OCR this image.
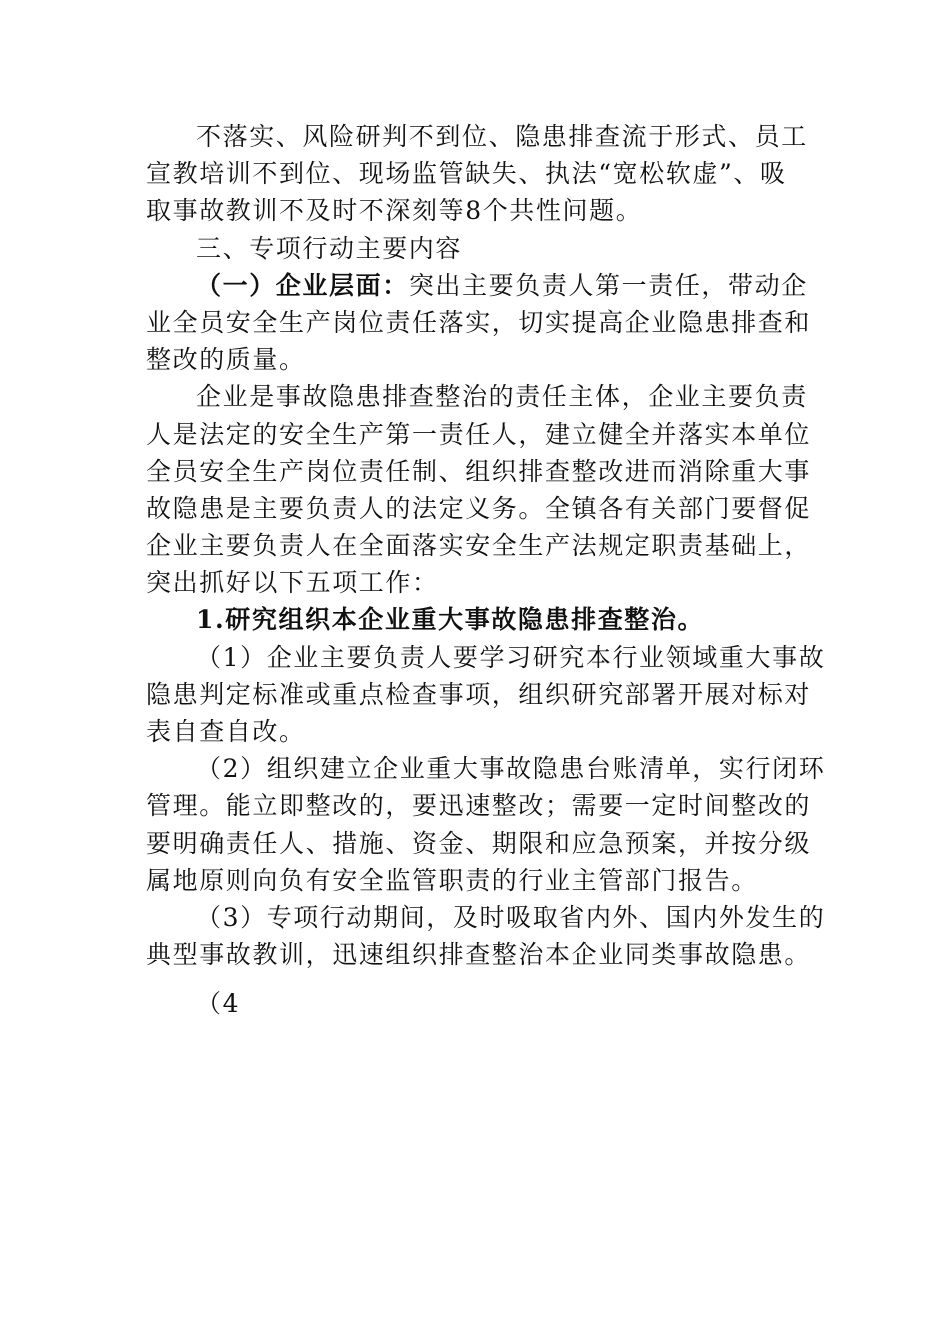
不落实、风险研判不到位、隐患排查流于形式、员工
宣教培训不到位、现场监管缺失、执法“宽松软虚”、吸
取事故教训不及时不深刻等8个共性问题。
三、专项行动主要内容
（一）企业层面：突出主要负责人第一责任，带动企
业全员安全生产岗位责任落实，切实提高企业隐患排查和
整改的质量。
企业是事故隐患排查整治的责任主体，企业主要负责
人是法定的安全生产第一责任人，建立健全并落实本单位
全员安全生产岗位责任制、组织排查整改进而消除重大事
故隐患是主要负责人的法定义务。全镇各有关部门要督促
企业主要负责人在全面落实安全生产法规定职责基础上，
突出抓好以下五项工作：
1.研究组织本企业重大事故隐患排查整治。
（1）企业主要负责人要学习研究本行业领域重大事故
隐患判定标准或重点检查事项，组织研究部署开展对标对
表自查自改。
（2）组织建立企业重大事故隐患台账清单，实行闭环
管理。能立即整改的，要迅速整改；需要一定时间整改的
要明确责任人、措施、资金、期限和应急预案，并按分级
属地原则向负有安全监管职责的行业主管部门报告。
（3）专项行动期间，及时吸取省内外、国内外发生的
典型事故教训，迅速组织排查整治本企业同类事故隐患。
（4
